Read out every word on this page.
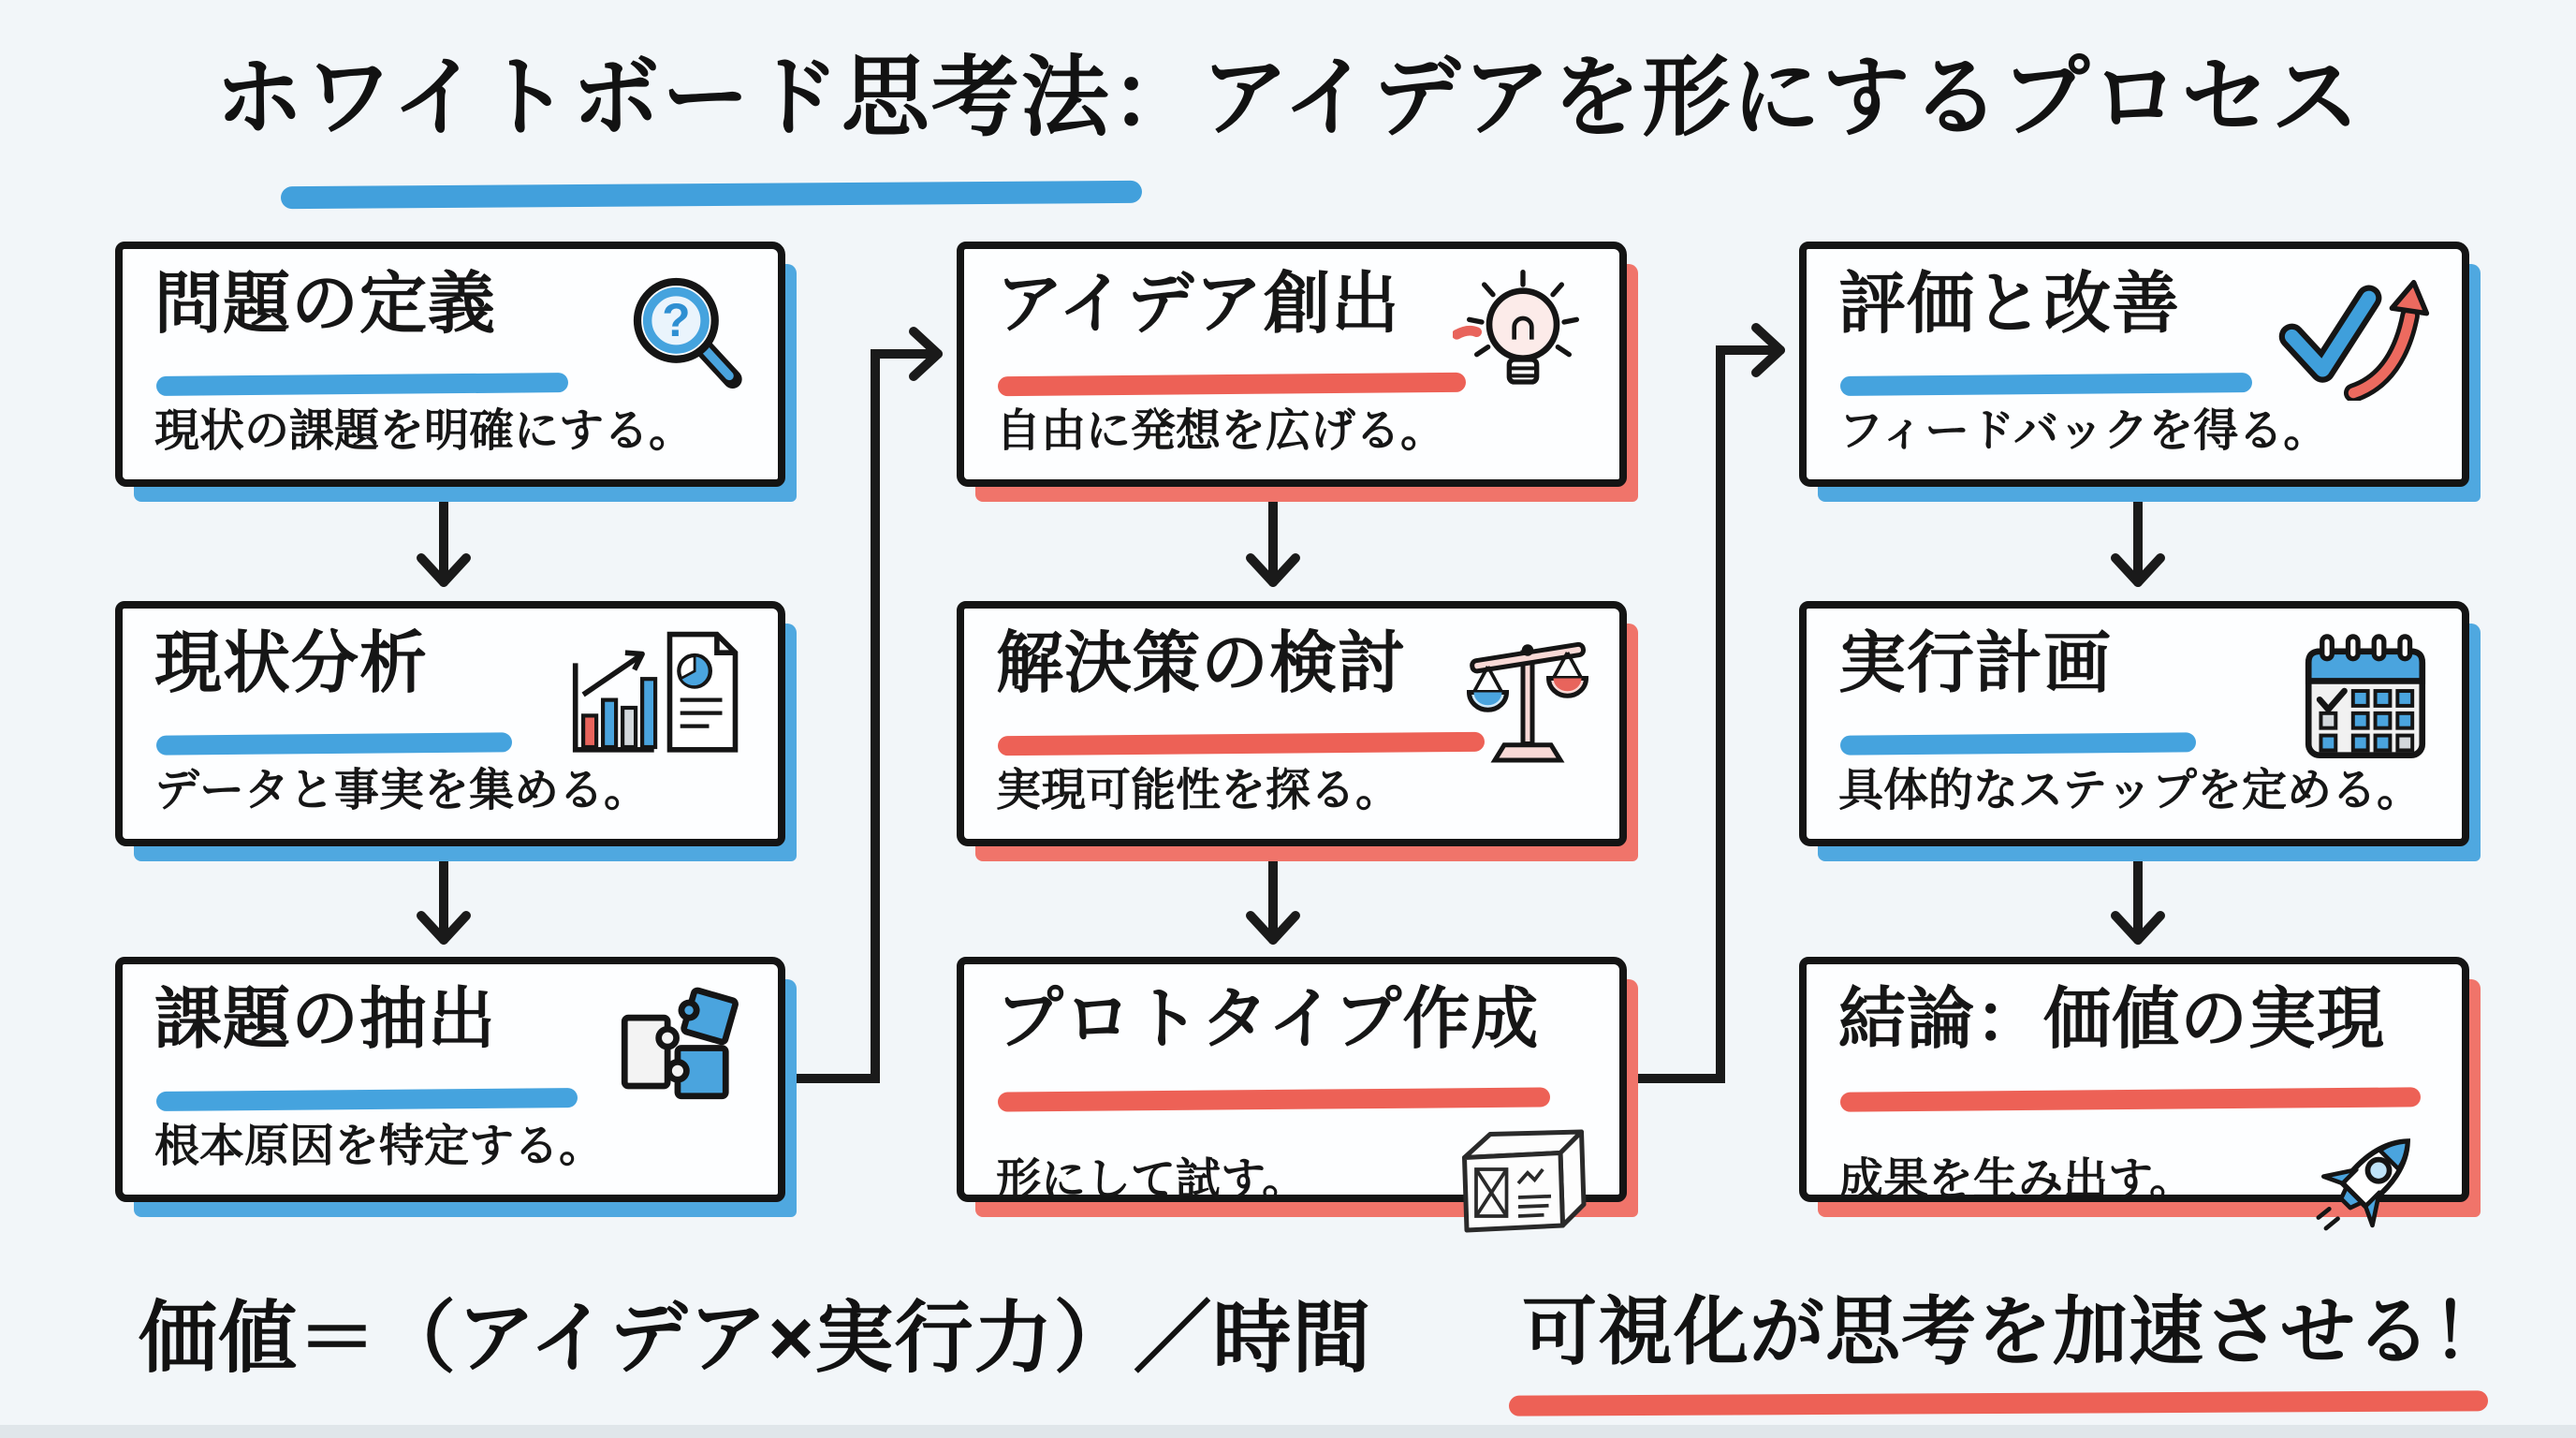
ホワイトボード思考法：アイデアを形にするプロセス
問題の定義	?
現状の課題を明確にする。
現状分析
データと事実を集める。
課題の抽出
根本原因を特定する。
アイデア創出
自由に発想を広げる。
解決策の検討
実現可能性を探る。
プロトタイプ作成
形にして試す。
評価と改善
フィードバックを得る。
実行計画
具体的なステップを定める。
結論：価値の実現
成果を生み出す。
価値＝（アイデア×実行力）／時間 可視化が思考を加速させる！
